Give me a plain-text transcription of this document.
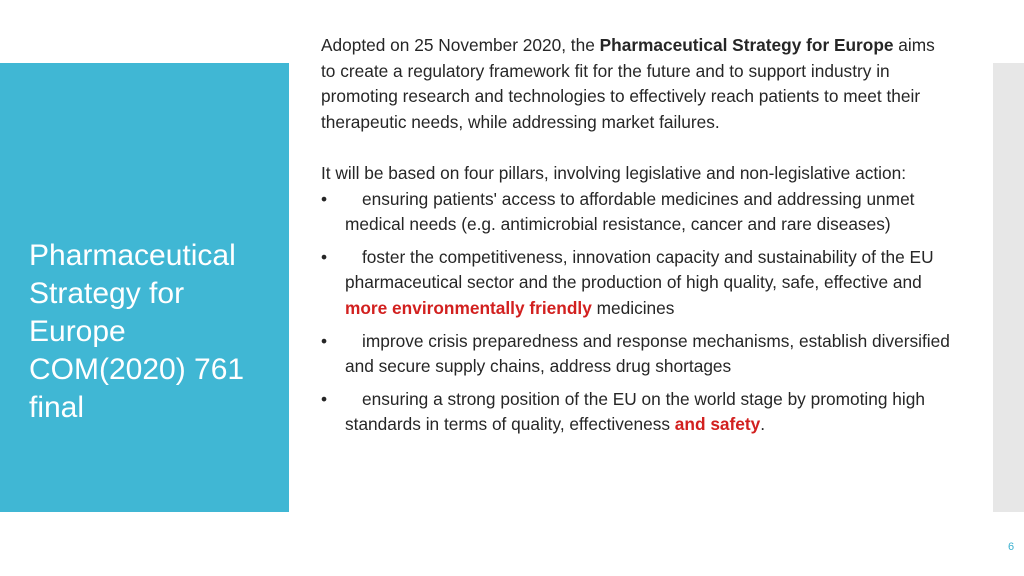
Pharmaceutical
Strategy for
Europe
COM(2020) 761
final

Adopted on 25 November 2020, the Pharmaceutical Strategy for Europe aims to create a regulatory framework fit for the future and to support industry in promoting research and technologies to effectively reach patients to meet their therapeutic needs, while addressing market failures.

It will be based on four pillars, involving legislative and non-legislative action:

•	ensuring patients' access to affordable medicines and addressing unmet medical needs (e.g. antimicrobial resistance, cancer and rare diseases)
•	foster the competitiveness, innovation capacity and sustainability of the EU pharmaceutical sector and the production of high quality, safe, effective and more environmentally friendly medicines
•	improve crisis preparedness and response mechanisms, establish diversified and secure supply chains, address drug shortages
•	ensuring a strong position of the EU on the world stage by promoting high standards in terms of quality, effectiveness and safety.
6
